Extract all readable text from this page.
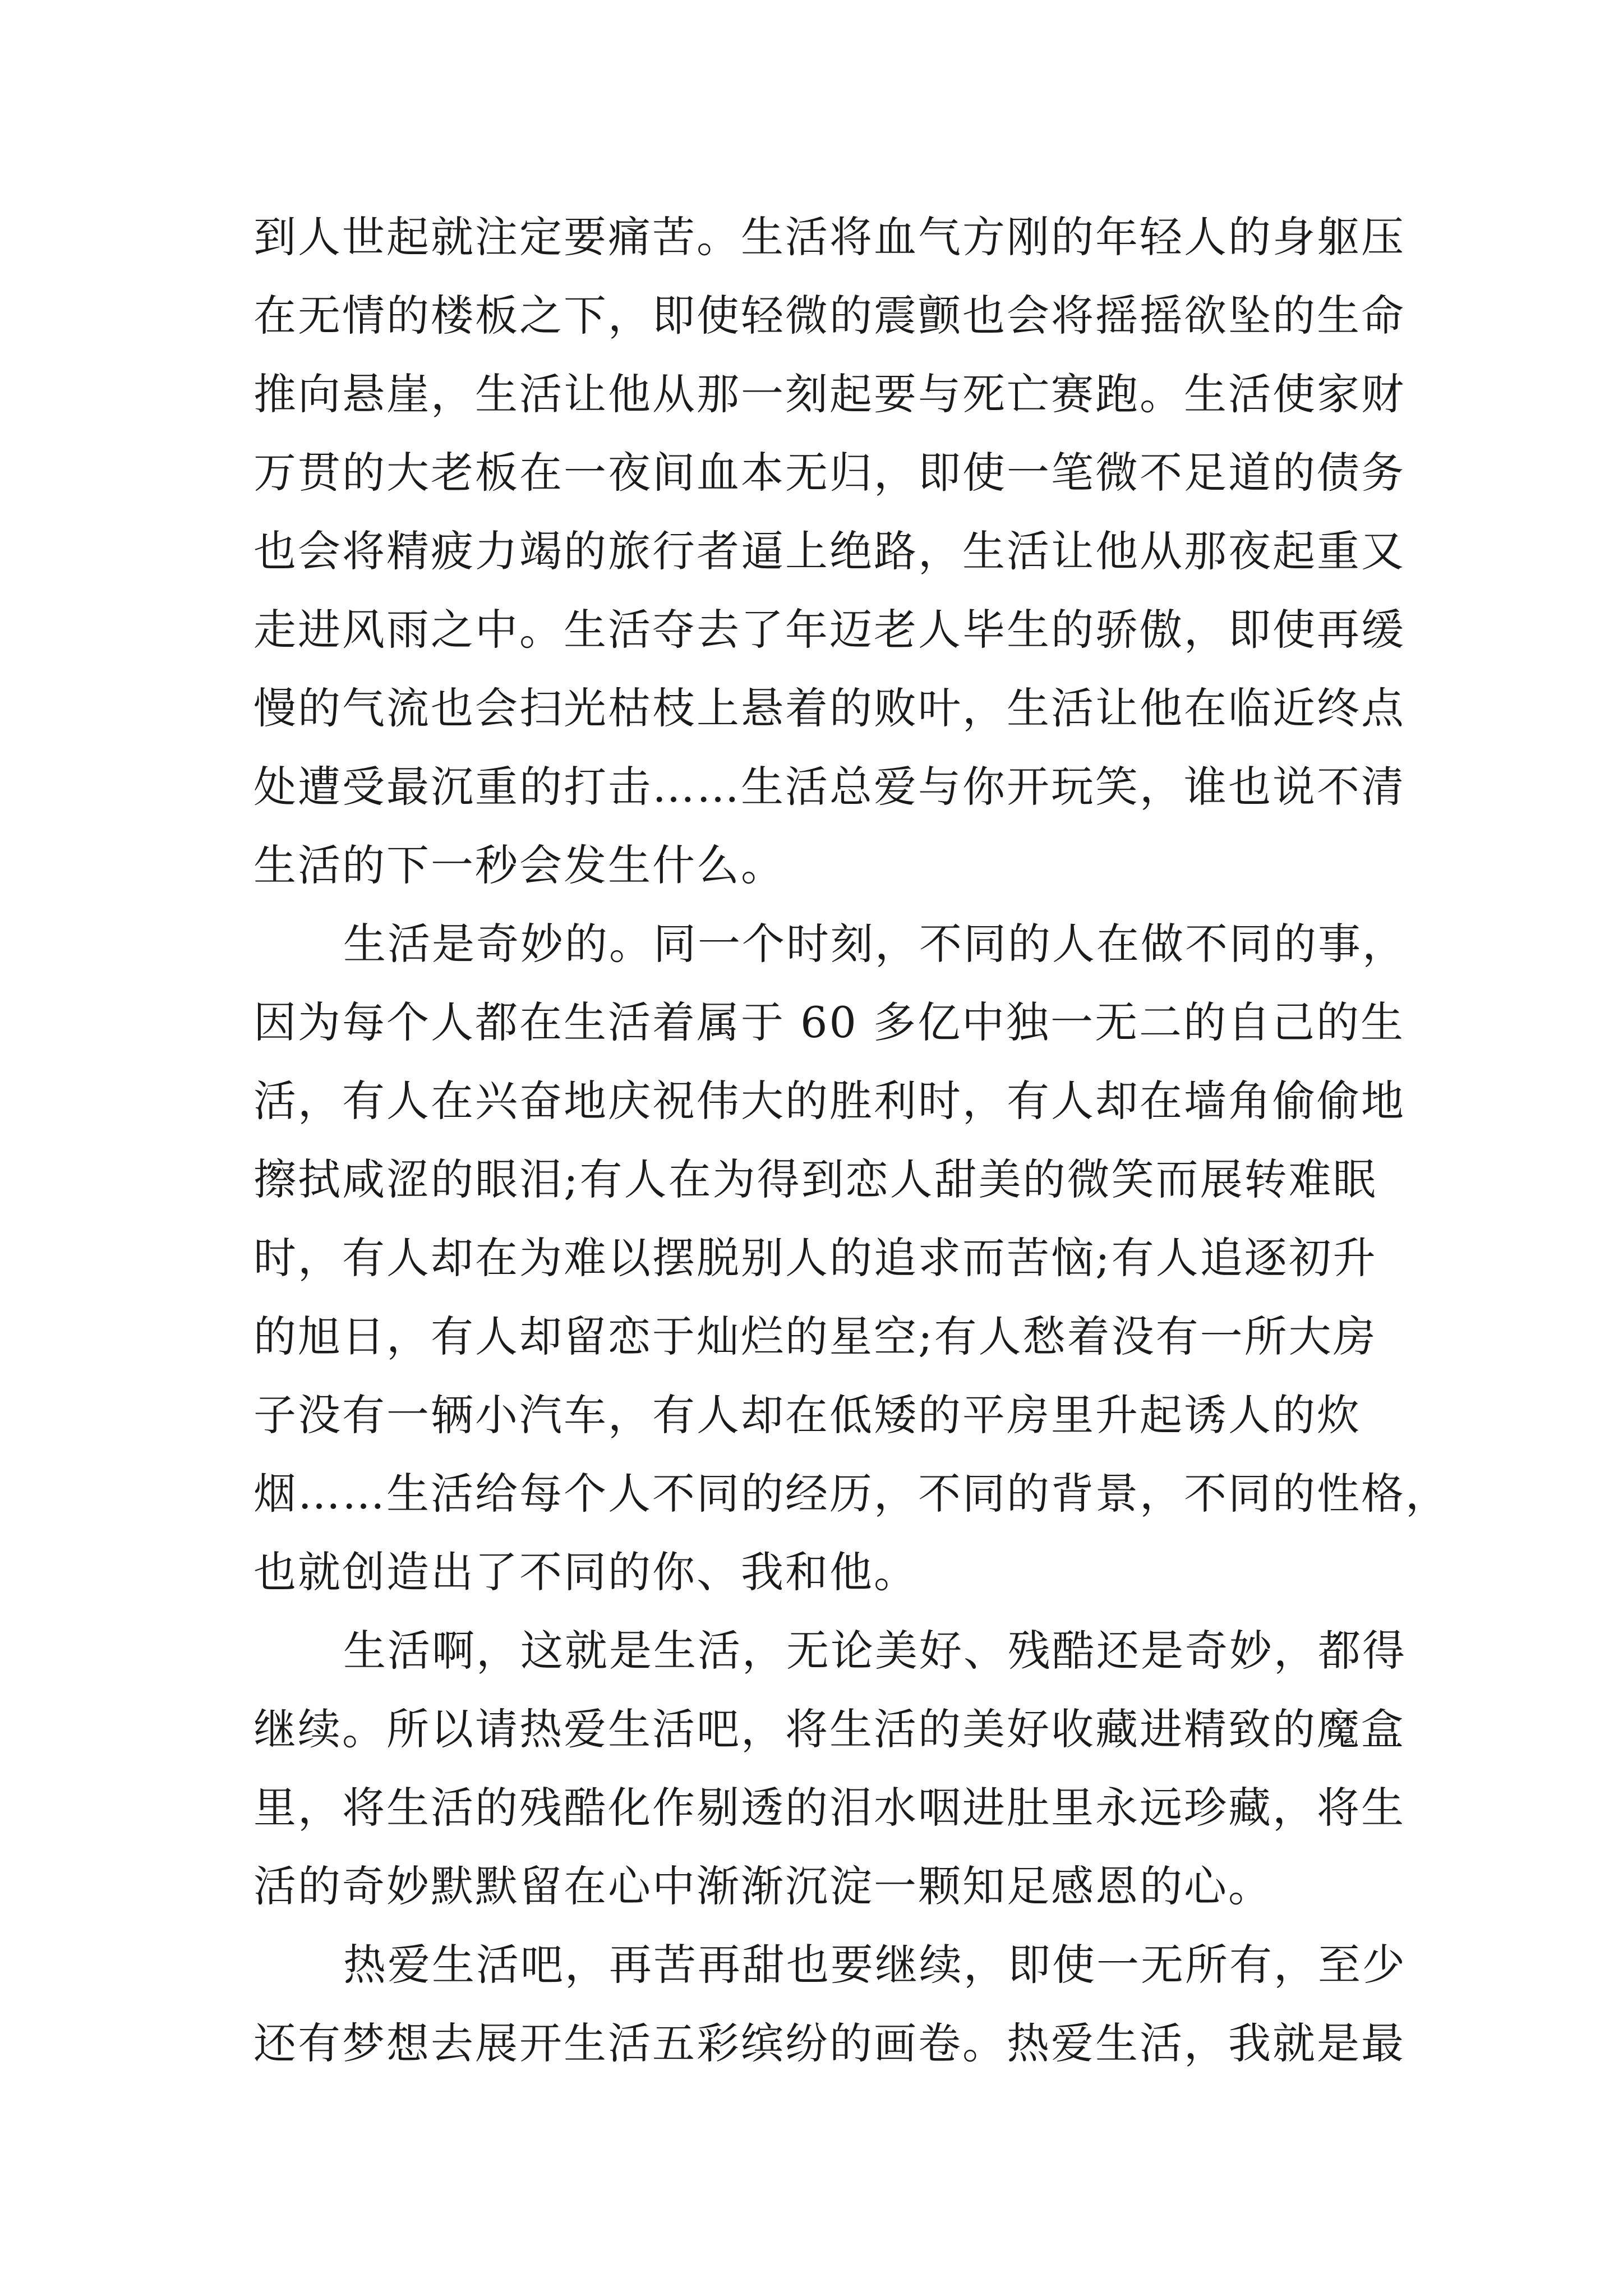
到人世起就注定要痛苦。生活将血气方刚的年轻人的身躯压
在无情的楼板之下，即使轻微的震颤也会将摇摇欲坠的生命
推向悬崖，生活让他从那一刻起要与死亡赛跑。生活使家财
万贯的大老板在一夜间血本无归，即使一笔微不足道的债务
也会将精疲力竭的旅行者逼上绝路，生活让他从那夜起重又
走进风雨之中。生活夺去了年迈老人毕生的骄傲，即使再缓
慢的气流也会扫光枯枝上悬着的败叶，生活让他在临近终点
处遭受最沉重的打击……生活总爱与你开玩笑，谁也说不清
生活的下一秒会发生什么。
生活是奇妙的。同一个时刻，不同的人在做不同的事，
因为每个人都在生活着属于 60 多亿中独一无二的自己的生
活，有人在兴奋地庆祝伟大的胜利时，有人却在墙角偷偷地
擦拭咸涩的眼泪;有人在为得到恋人甜美的微笑而展转难眠
时，有人却在为难以摆脱别人的追求而苦恼;有人追逐初升
的旭日，有人却留恋于灿烂的星空;有人愁着没有一所大房
子没有一辆小汽车，有人却在低矮的平房里升起诱人的炊
烟……生活给每个人不同的经历，不同的背景，不同的性格，
也就创造出了不同的你、我和他。
生活啊，这就是生活，无论美好、残酷还是奇妙，都得
继续。所以请热爱生活吧，将生活的美好收藏进精致的魔盒
里，将生活的残酷化作剔透的泪水咽进肚里永远珍藏，将生
活的奇妙默默留在心中渐渐沉淀一颗知足感恩的心。
热爱生活吧，再苦再甜也要继续，即使一无所有，至少
还有梦想去展开生活五彩缤纷的画卷。热爱生活，我就是最
